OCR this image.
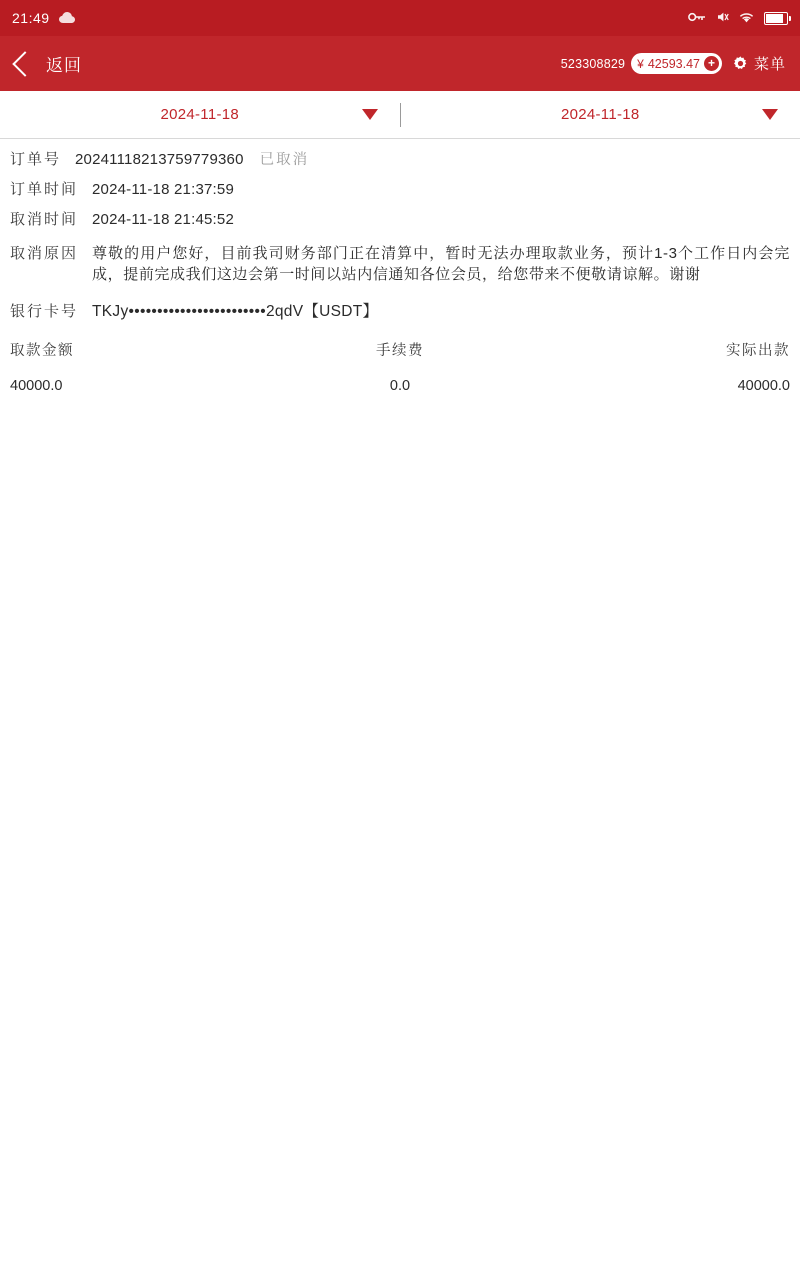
21:49
返回	523308829 ¥ 42593.47 +	菜单
2024-11-18	2024-11-18
订单号 20241118213759779360 已取消
订单时间 2024-11-18 21:37:59
取消时间 2024-11-18 21:45:52
取消原因 尊敬的用户您好，目前我司财务部门正在清算中，暂时无法办理取款业务，预计1-3个工作日内会完成，提前完成我们这边会第一时间以站内信通知各位会员，给您带来不便敬请谅解。谢谢
银行卡号 TKJy••••••••••••••••••••••••2qdV【USDT】
取款金额	手续费	实际出款
40000.0	0.0	40000.0
